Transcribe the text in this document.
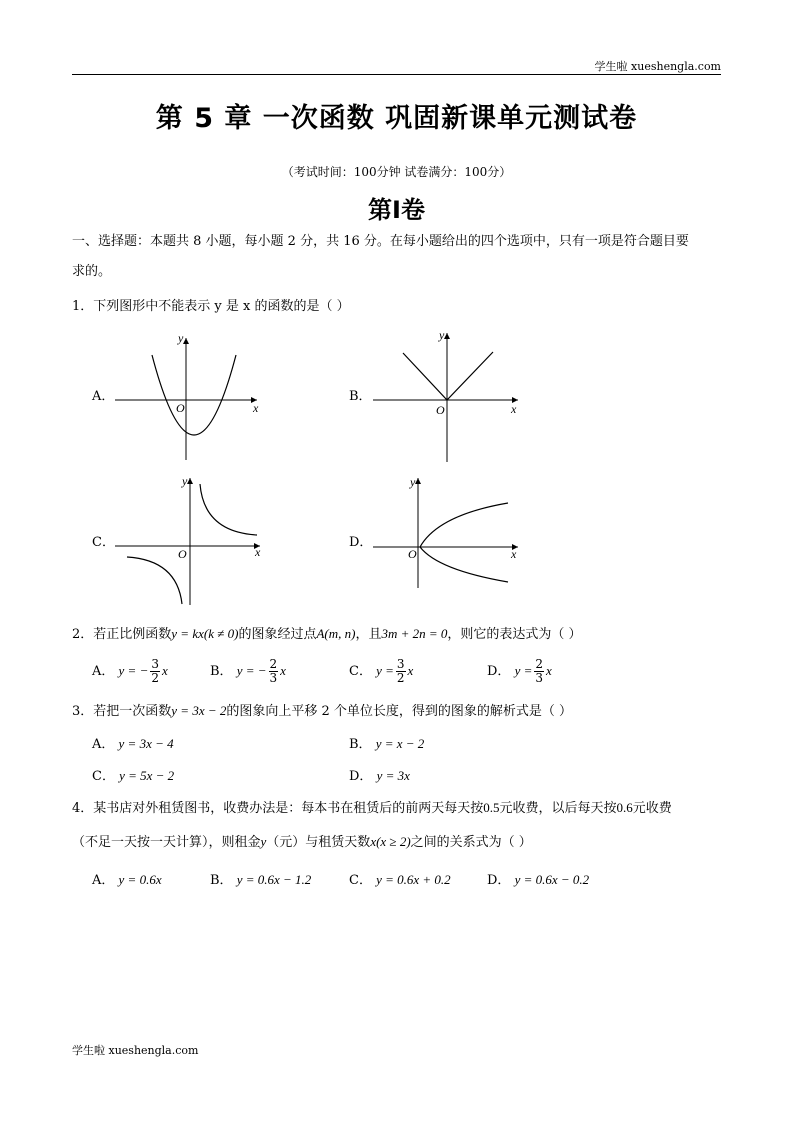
学生啦 xueshengla.com
第 5 章 一次函数 巩固新课单元测试卷
（考试时间：100分钟 试卷满分：100分）
第Ⅰ卷
一、选择题：本题共 8 小题，每小题 2 分，共 16 分。在每小题给出的四个选项中，只有一项是符合题目要
求的。
1．下列图形中不能表示 y 是 x 的函数的是（ ）
A．
x
y
O
B．
x
y
O
C．
x
y
O
D．
x
y
O
2．若正比例函数y = kx(k ≠ 0)的图象经过点A(m, n)，且3m + 2n = 0，则它的表达式为（ ）
A． y = − $\frac{3}{2}$ x	B． y = − $\frac{2}{3}$ x	C． $y = \frac{3}{2}$ x	D． $y = \frac{2}{3}$ x
3．若把一次函数y = 3x − 2的图象向上平移 2 个单位长度，得到的图象的解析式是（ ）
A． y = 3x − 4	B． y = x − 2
C． y = 5x − 2	D． y = 3x
4．某书店对外租赁图书，收费办法是：每本书在租赁后的前两天每天按0.5元收费，以后每天按0.6元收费
（不足一天按一天计算），则租金y（元）与租赁天数x(x ≥ 2)之间的关系式为（ ）
A． y = 0.6x	B． y = 0.6x − 1.2	C． y = 0.6x + 0.2	D． y = 0.6x − 0.2
学生啦 xueshengla.com
